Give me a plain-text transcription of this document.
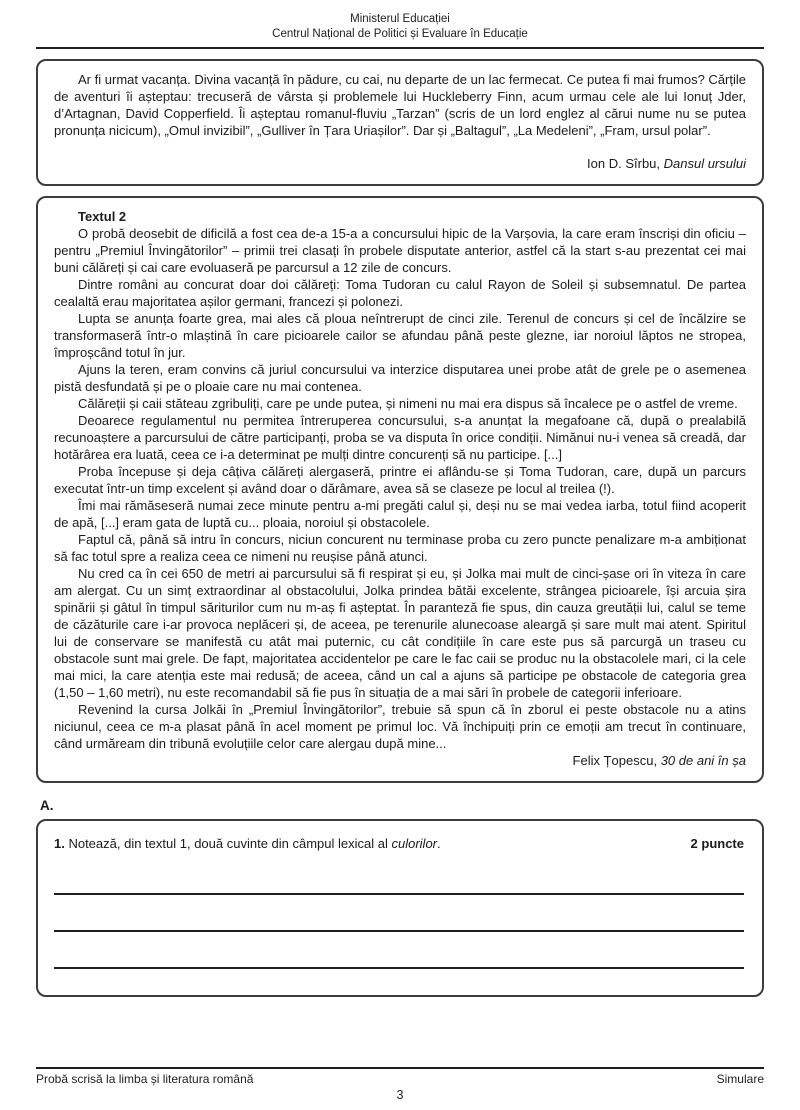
Ministerul Educației
Centrul Național de Politici și Evaluare în Educație

Ar fi urmat vacanța. Divina vacanță în pădure, cu cai, nu departe de un lac fermecat. Ce putea fi mai frumos? Cărțile de aventuri îi așteptau: trecuseră de vârsta și problemele lui Huckleberry Finn, acum urmau cele ale lui Ionuț Jder, d’Artagnan, David Copperfield. Îi așteptau romanul-fluviu „Tarzan” (scris de un lord englez al cărui nume nu se putea pronunța nicicum), „Omul invizibil”, „Gulliver în Țara Uriașilor”. Dar și „Baltagul”, „La Medeleni”, „Fram, ursul polar”.

Ion D. Sîrbu, Dansul ursului

Textul 2

O probă deosebit de dificilă a fost cea de-a 15-a a concursului hipic de la Varșovia, la care eram înscriși din oficiu – pentru „Premiul Învingătorilor” – primii trei clasați în probele disputate anterior, astfel că la start s-au prezentat cei mai buni călăreți și cai care evoluaseră pe parcursul a 12 zile de concurs.

Dintre români au concurat doar doi călăreți: Toma Tudoran cu calul Rayon de Soleil și subsemnatul. De partea cealaltă erau majoritatea așilor germani, francezi și polonezi.

Lupta se anunța foarte grea, mai ales că ploua neîntrerupt de cinci zile. Terenul de concurs și cel de încălzire se transformaseră într-o mlaștină în care picioarele cailor se afundau până peste glezne, iar noroiul lăptos ne stropea, împroșcând totul în jur.

Ajuns la teren, eram convins că juriul concursului va interzice disputarea unei probe atât de grele pe o asemenea pistă desfundată și pe o ploaie care nu mai contenea.

Călăreții și caii stăteau zgribuliți, care pe unde putea, și nimeni nu mai era dispus să încalece pe o astfel de vreme.

Deoarece regulamentul nu permitea întreruperea concursului, s-a anunțat la megafoane că, după o prealabilă recunoaștere a parcursului de către participanți, proba se va disputa în orice condiții. Nimănui nu-i venea să creadă, dar hotărârea era luată, ceea ce i-a determinat pe mulți dintre concurenți să nu participe. [...]

Proba începuse și deja câțiva călăreți alergaseră, printre ei aflându-se și Toma Tudoran, care, după un parcurs executat într-un timp excelent și având doar o dărâmare, avea să se claseze pe locul al treilea (!).

Îmi mai rămăseseră numai zece minute pentru a-mi pregăti calul și, deși nu se mai vedea iarba, totul fiind acoperit de apă, [...] eram gata de luptă cu... ploaia, noroiul și obstacolele.

Faptul că, până să intru în concurs, niciun concurent nu terminase proba cu zero puncte penalizare m-a ambiționat să fac totul spre a realiza ceea ce nimeni nu reușise până atunci.

Nu cred ca în cei 650 de metri ai parcursului să fi respirat și eu, și Jolka mai mult de cinci-șase ori în viteza în care am alergat. Cu un simț extraordinar al obstacolului, Jolka prindea bătăi excelente, strângea picioarele, își arcuia șira spinării și gâtul în timpul săriturilor cum nu m-aș fi așteptat. În paranteză fie spus, din cauza greutății lui, calul se teme de căzăturile care i-ar provoca neplăceri și, de aceea, pe terenurile alunecoase aleargă și sare mult mai atent. Spiritul lui de conservare se manifestă cu atât mai puternic, cu cât condițiile în care este pus să parcurgă un traseu cu obstacole sunt mai grele. De fapt, majoritatea accidentelor pe care le fac caii se produc nu la obstacolele mari, ci la cele mai mici, la care atenția este mai redusă; de aceea, când un cal a ajuns să participe pe obstacole de categoria grea (1,50 – 1,60 metri), nu este recomandabil să fie pus în situația de a mai sări în probele de categorii inferioare.

Revenind la cursa Jolkăi în „Premiul Învingătorilor”, trebuie să spun că în zborul ei peste obstacole nu a atins niciunul, ceea ce m-a plasat până în acel moment pe primul loc. Vă închipuiți prin ce emoții am trecut în continuare, când urmăream din tribună evoluțiile celor care alergau după mine...

Felix Țopescu, 30 de ani în șa

A.

1. Notează, din textul 1, două cuvinte din câmpul lexical al culorilor.	2 puncte
Probă scrisă la limba și literatura română	Simulare
3
